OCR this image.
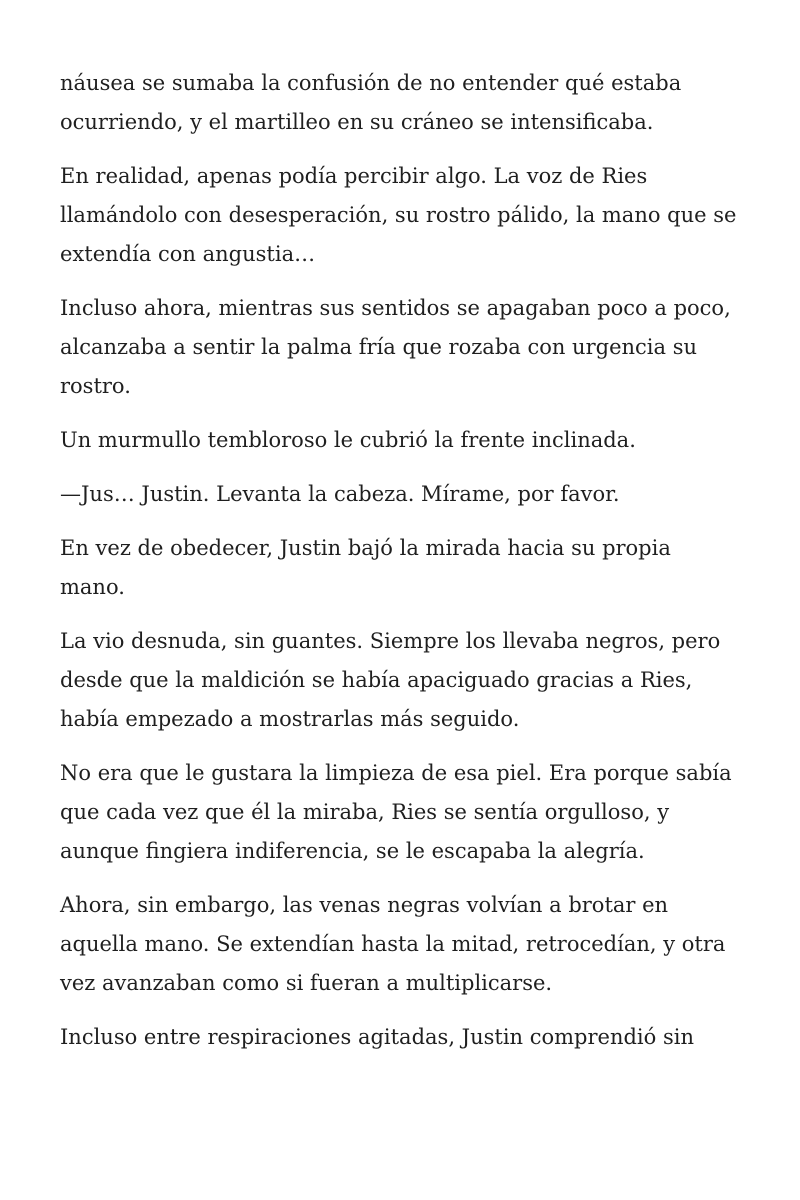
náusea se sumaba la confusión de no entender qué estaba ocurriendo, y el martilleo en su cráneo se intensificaba.

En realidad, apenas podía percibir algo. La voz de Ries llamándolo con desesperación, su rostro pálido, la mano que se extendía con angustia…

Incluso ahora, mientras sus sentidos se apagaban poco a poco, alcanzaba a sentir la palma fría que rozaba con urgencia su rostro.

Un murmullo tembloroso le cubrió la frente inclinada.

—Jus… Justin. Levanta la cabeza. Mírame, por favor.

En vez de obedecer, Justin bajó la mirada hacia su propia mano.

La vio desnuda, sin guantes. Siempre los llevaba negros, pero desde que la maldición se había apaciguado gracias a Ries, había empezado a mostrarlas más seguido.

No era que le gustara la limpieza de esa piel. Era porque sabía que cada vez que él la miraba, Ries se sentía orgulloso, y aunque fingiera indiferencia, se le escapaba la alegría.

Ahora, sin embargo, las venas negras volvían a brotar en aquella mano. Se extendían hasta la mitad, retrocedían, y otra vez avanzaban como si fueran a multiplicarse.

Incluso entre respiraciones agitadas, Justin comprendió sin
